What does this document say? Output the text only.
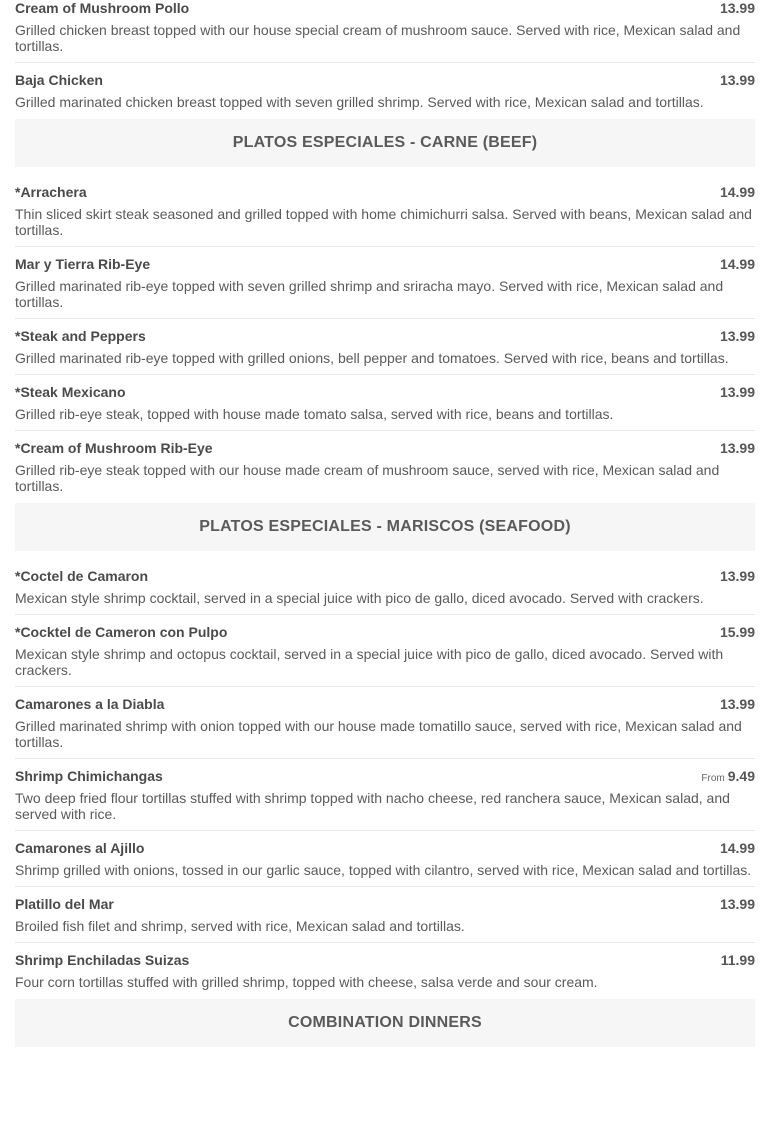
Cream of Mushroom Pollo	13.99
Grilled chicken breast topped with our house special cream of mushroom sauce. Served with rice, Mexican salad and tortillas.
Baja Chicken	13.99
Grilled marinated chicken breast topped with seven grilled shrimp. Served with rice, Mexican salad and tortillas.
PLATOS ESPECIALES - CARNE (BEEF)
*Arrachera	14.99
Thin sliced skirt steak seasoned and grilled topped with home chimichurri salsa. Served with beans, Mexican salad and tortillas.
Mar y Tierra Rib-Eye	14.99
Grilled marinated rib-eye topped with seven grilled shrimp and sriracha mayo. Served with rice, Mexican salad and tortillas.
*Steak and Peppers	13.99
Grilled marinated rib-eye topped with grilled onions, bell pepper and tomatoes. Served with rice, beans and tortillas.
*Steak Mexicano	13.99
Grilled rib-eye steak, topped with house made tomato salsa, served with rice, beans and tortillas.
*Cream of Mushroom Rib-Eye	13.99
Grilled rib-eye steak topped with our house made cream of mushroom sauce, served with rice, Mexican salad and tortillas.
PLATOS ESPECIALES - MARISCOS (SEAFOOD)
*Coctel de Camaron	13.99
Mexican style shrimp cocktail, served in a special juice with pico de gallo, diced avocado. Served with crackers.
*Cocktel de Cameron con Pulpo	15.99
Mexican style shrimp and octopus cocktail, served in a special juice with pico de gallo, diced avocado. Served with crackers.
Camarones a la Diabla	13.99
Grilled marinated shrimp with onion topped with our house made tomatillo sauce, served with rice, Mexican salad and tortillas.
Shrimp Chimichangas	From 9.49
Two deep fried flour tortillas stuffed with shrimp topped with nacho cheese, red ranchera sauce, Mexican salad, and served with rice.
Camarones al Ajillo	14.99
Shrimp grilled with onions, tossed in our garlic sauce, topped with cilantro, served with rice, Mexican salad and tortillas.
Platillo del Mar	13.99
Broiled fish filet and shrimp, served with rice, Mexican salad and tortillas.
Shrimp Enchiladas Suizas	11.99
Four corn tortillas stuffed with grilled shrimp, topped with cheese, salsa verde and sour cream.
COMBINATION DINNERS
